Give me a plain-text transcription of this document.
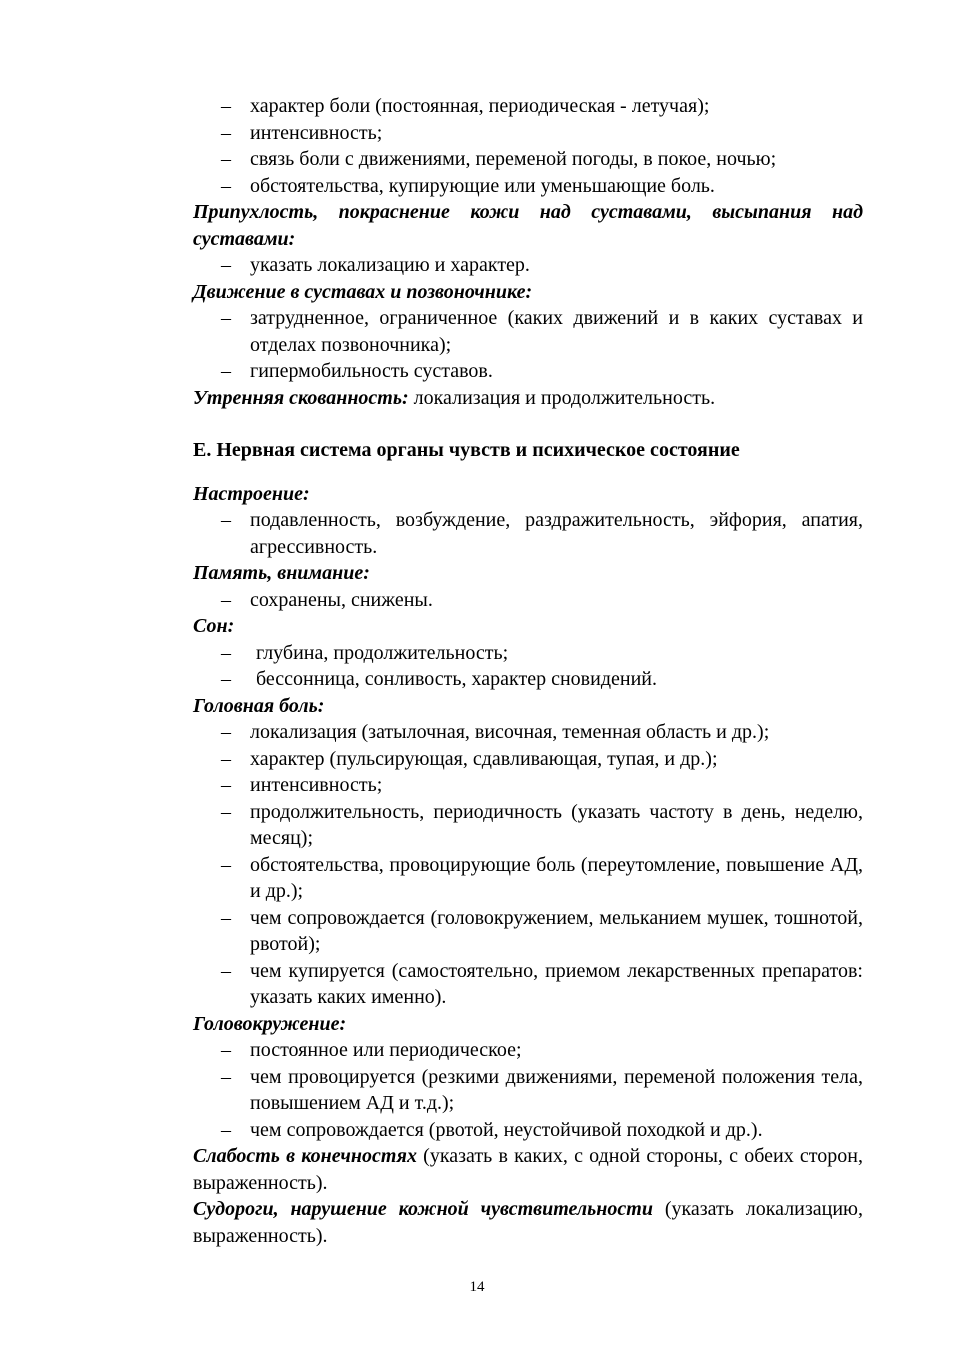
– характер боли (постоянная, периодическая - летучая);
– интенсивность;
– связь боли с движениями, переменой погоды, в покое, ночью;
– обстоятельства, купирующие или уменьшающие боль.
Припухлость, покраснение кожи над суставами, высыпания над суставами:
– указать локализацию и характер.
Движение в суставах и позвоночнике:
– затрудненное, ограниченное (каких движений и в каких суставах и отделах позвоночника);
– гипермобильность суставов.
Утренняя скованность: локализация и продолжительность.
Е. Нервная система органы чувств и психическое состояние
Настроение:
– подавленность, возбуждение, раздражительность, эйфория, апатия, агрессивность.
Память, внимание:
– сохранены, снижены.
Сон:
– глубина, продолжительность;
– бессонница, сонливость, характер сновидений.
Головная боль:
– локализация (затылочная, височная, теменная область и др.);
– характер (пульсирующая, сдавливающая, тупая, и др.);
– интенсивность;
– продолжительность, периодичность (указать частоту в день, неделю, месяц);
– обстоятельства, провоцирующие боль (переутомление, повышение АД, и др.);
– чем сопровождается (головокружением, мельканием мушек, тошнотой, рвотой);
– чем купируется (самостоятельно, приемом лекарственных препаратов: указать каких именно).
Головокружение:
– постоянное или периодическое;
– чем провоцируется (резкими движениями, переменой положения тела, повышением АД и т.д.);
– чем сопровождается (рвотой, неустойчивой походкой и др.).
Слабость в конечностях (указать в каких, с одной стороны, с обеих сторон, выраженность).
Судороги, нарушение кожной чувствительности (указать локализацию, выраженность).
14
